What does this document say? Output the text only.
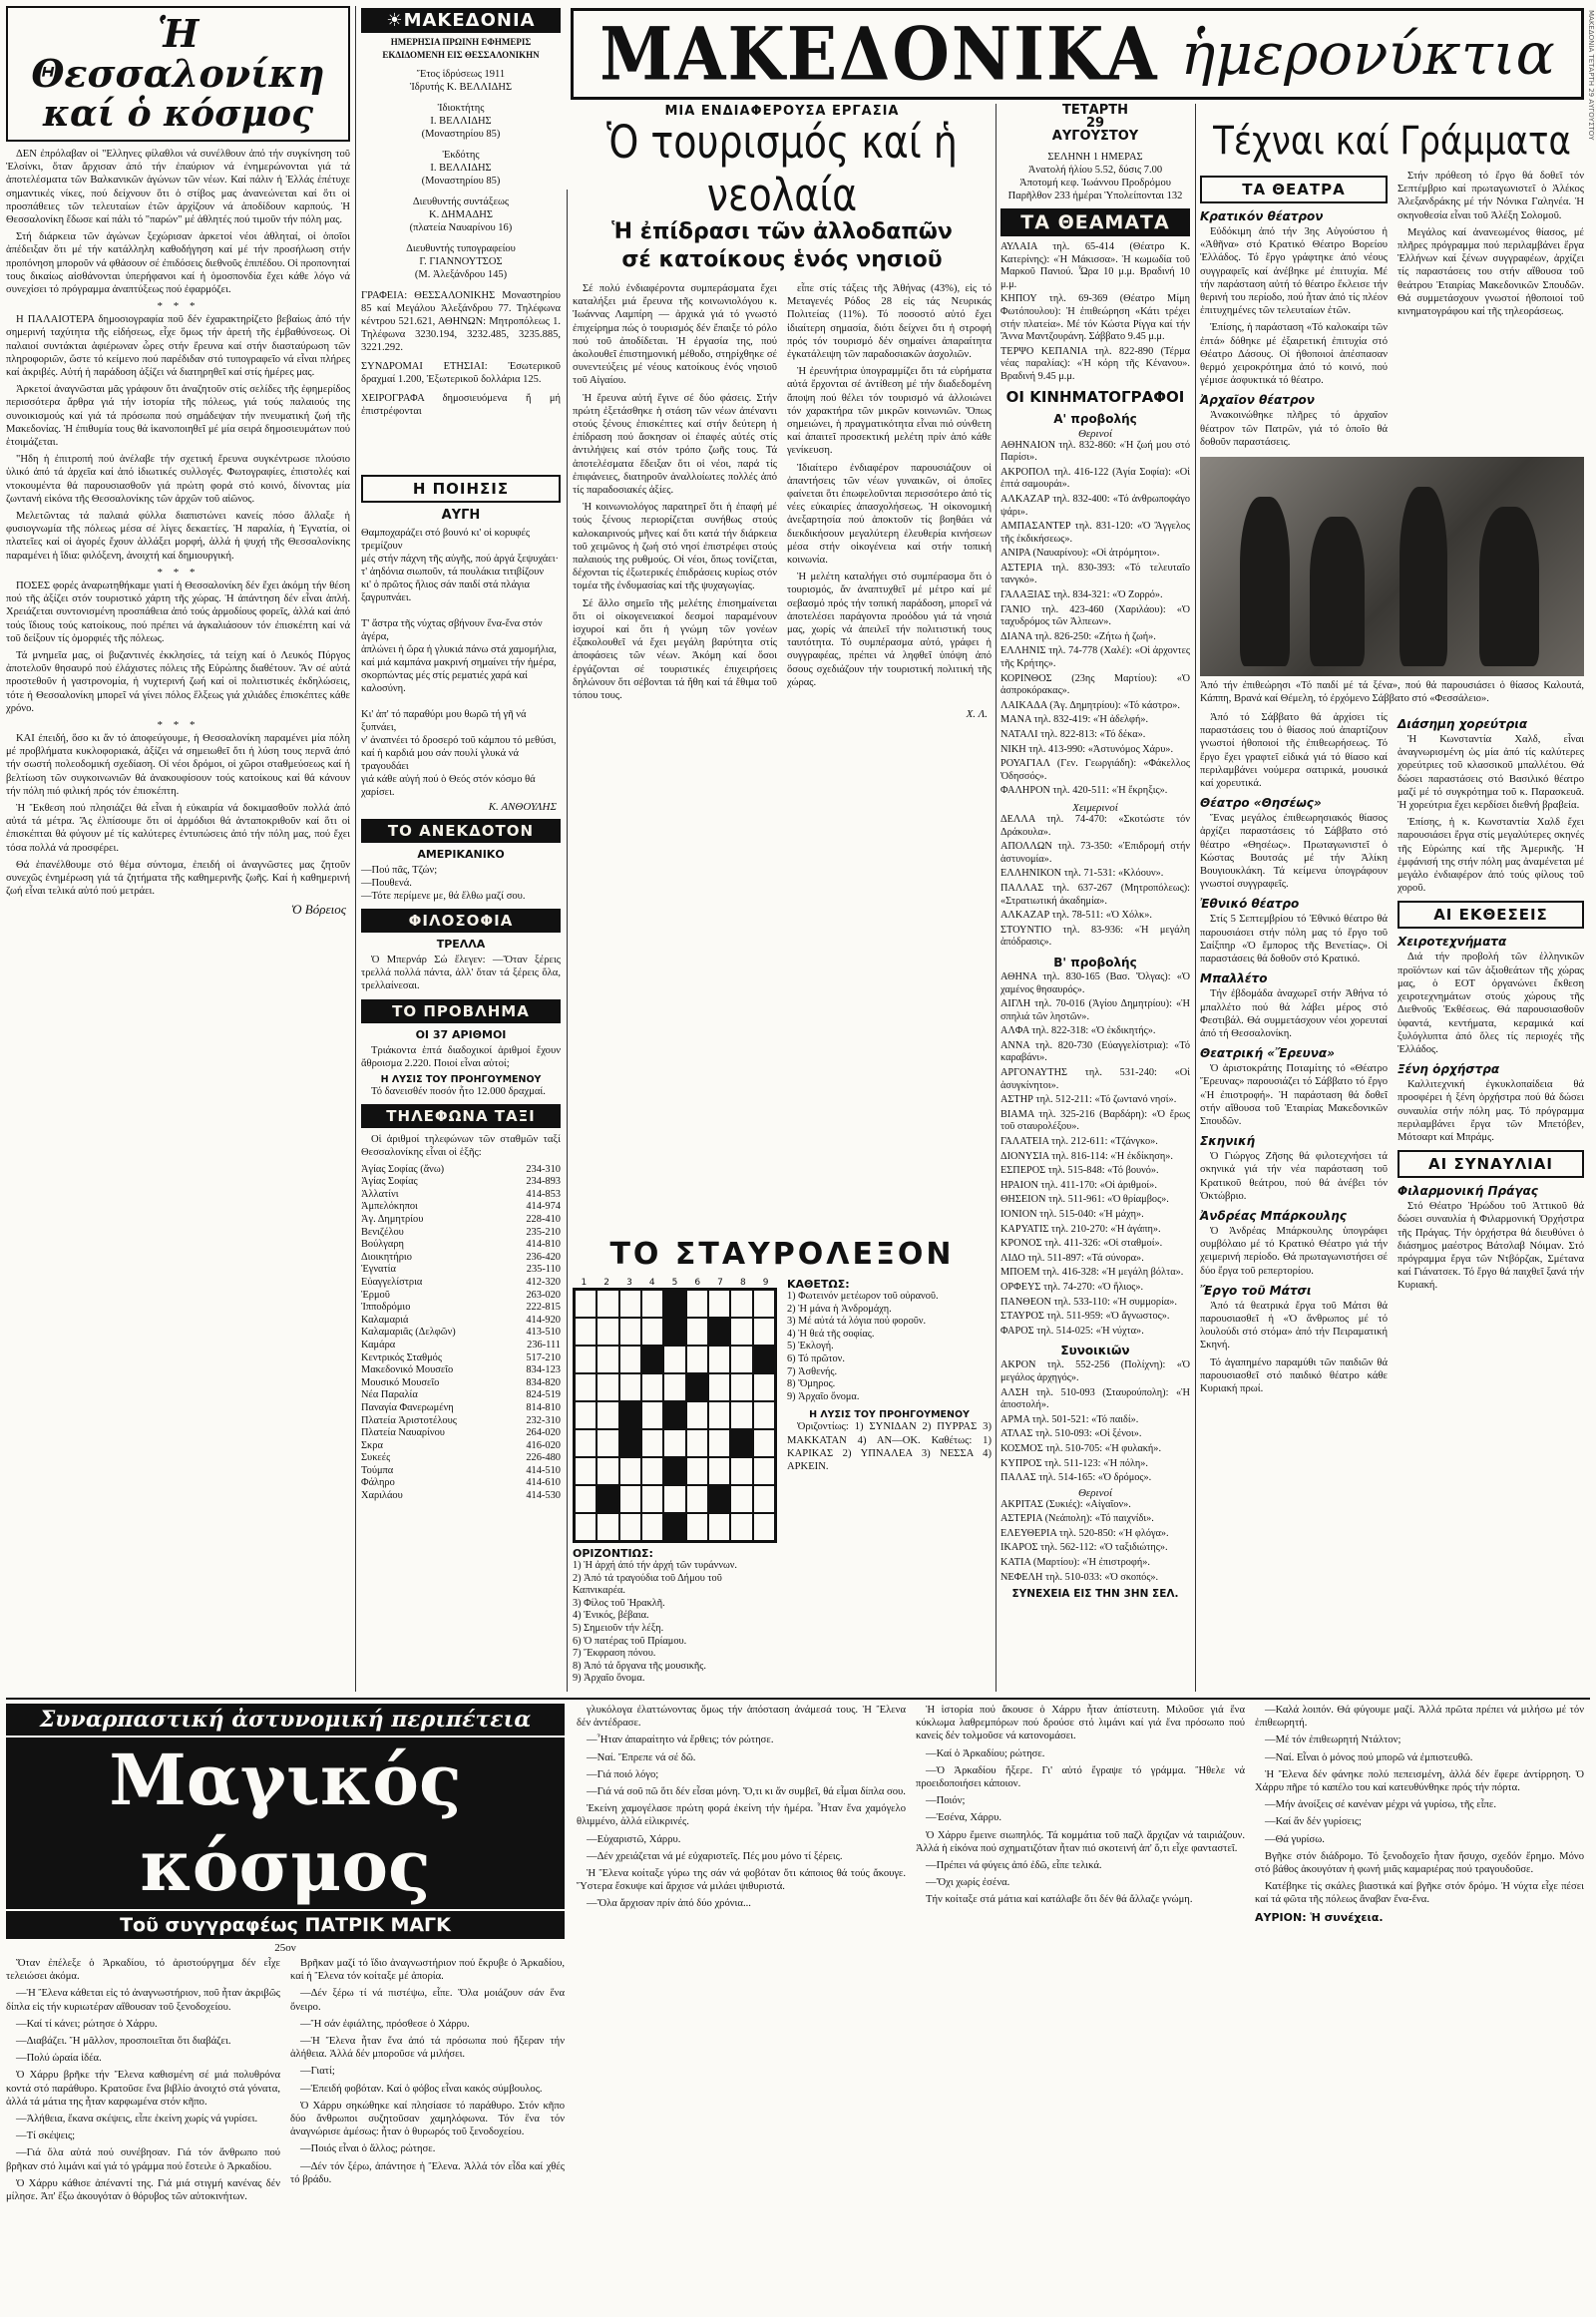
Ἡ Θεσσαλονίκη
καί ὁ κόσμος

ΔΕΝ ἐπρόλαβαν οἱ "Ελληνες φίλαθλοι νά συνέλθουν ἀπό τήν συγκίνηση τοῦ Ἑλσίνκι, ὅταν ἄρχισαν ἀπό τήν ἐπαύριον νά ἐνημερώνονται γιά τά ἀποτελέσματα τῶν Βαλκανικῶν ἀγώνων τῶν νέων. Καί πάλιν ἡ Ἑλλάς ἐπέτυχε σημαντικές νίκες, πού δείχνουν ὅτι ὁ στίβος μας ἀνανεώνεται καί ὅτι οἱ προσπάθειες τῶν τελευταίων ἐτῶν ἀρχίζουν νά ἀποδίδουν καρπούς. Ἡ Θεσσαλονίκη ἔδωσε καί πάλι τό "παρών" μέ ἀθλητές πού τιμοῦν τήν πόλη μας.

Στή διάρκεια τῶν ἀγώνων ξεχώρισαν ἀρκετοί νέοι ἀθληταί, οἱ ὁποῖοι ἀπέδειξαν ὅτι μέ τήν κατάλληλη καθοδήγηση καί μέ τήν προσήλωση στήν προπόνηση μποροῦν νά φθάσουν σέ ἐπιδόσεις διεθνοῦς ἐπιπέδου. Οἱ προπονηταί τους δικαίως αἰσθάνονται ὑπερήφανοι καί ἡ ὁμοσπονδία ἔχει κάθε λόγο νά συνεχίσει τό πρόγραμμα ἀναπτύξεως πού ἐφαρμόζει.

* * *

Η ΠΑΛΑΙΟΤΕΡΑ δημοσιογραφία ποῦ δέν ἐχαρακτηρίζετο βεβαίως ἀπό τήν σημερινή ταχύτητα τῆς εἰδήσεως, εἶχε ὅμως τήν ἀρετή τῆς ἐμβαθύνσεως. Οἱ παλαιοί συντάκται ἀφιέρωναν ὧρες στήν ἔρευνα καί στήν διασταύρωση τῶν πληροφοριῶν, ὥστε τό κείμενο πού παρέδιδαν στό τυπογραφεῖο νά εἶναι πλήρες καί ἀκριβές. Αὐτή ἡ παράδοση ἀξίζει νά διατηρηθεῖ καί στίς ἡμέρες μας.

Ἀρκετοί ἀναγνῶσται μᾶς γράφουν ὅτι ἀναζητοῦν στίς σελίδες τῆς ἐφημερίδος περισσότερα ἄρθρα γιά τήν ἱστορία τῆς πόλεως, γιά τούς παλαιούς της συνοικισμούς καί γιά τά πρόσωπα πού σημάδεψαν τήν πνευματική ζωή τῆς Μακεδονίας. Ἡ ἐπιθυμία τους θά ἱκανοποιηθεῖ μέ μία σειρά δημοσιευμάτων πού ἑτοιμάζεται.

"Ηδη ἡ ἐπιτροπή πού ἀνέλαβε τήν σχετική ἔρευνα συγκέντρωσε πλούσιο ὑλικό ἀπό τά ἀρχεῖα καί ἀπό ἰδιωτικές συλλογές. Φωτογραφίες, ἐπιστολές καί ντοκουμέντα θά παρουσιασθοῦν γιά πρώτη φορά στό κοινό, δίνοντας μία ζωντανή εἰκόνα τῆς Θεσσαλονίκης τῶν ἀρχῶν τοῦ αἰῶνος.

Μελετῶντας τά παλαιά φύλλα διαπιστώνει κανείς πόσο ἄλλαξε ἡ φυσιογνωμία τῆς πόλεως μέσα σέ λίγες δεκαετίες. Ἡ παραλία, ἡ Ἐγνατία, οἱ πλατεῖες καί οἱ ἀγορές ἔχουν ἀλλάξει μορφή, ἀλλά ἡ ψυχή τῆς Θεσσαλονίκης παραμένει ἡ ἴδια: φιλόξενη, ἀνοιχτή καί δημιουργική.

* * *

ΠΟΣΕΣ φορές ἀναρωτηθήκαμε γιατί ἡ Θεσσαλονίκη δέν ἔχει ἀκόμη τήν θέση πού τῆς ἀξίζει στόν τουριστικό χάρτη τῆς χώρας. Ἡ ἀπάντηση δέν εἶναι ἁπλή. Χρειάζεται συντονισμένη προσπάθεια ἀπό τούς ἁρμοδίους φορεῖς, ἀλλά καί ἀπό τούς ἴδιους τούς κατοίκους, πού πρέπει νά ἀγκαλιάσουν τόν ἐπισκέπτη καί νά τοῦ δείξουν τίς ὀμορφιές τῆς πόλεως.

Τά μνημεῖα μας, οἱ βυζαντινές ἐκκλησίες, τά τείχη καί ὁ Λευκός Πύργος ἀποτελοῦν θησαυρό πού ἐλάχιστες πόλεις τῆς Εὐρώπης διαθέτουν. Ἄν σέ αὐτά προστεθοῦν ἡ γαστρονομία, ἡ νυχτερινή ζωή καί οἱ πολιτιστικές ἐκδηλώσεις, τότε ἡ Θεσσαλονίκη μπορεῖ νά γίνει πόλος ἕλξεως γιά χιλιάδες ἐπισκέπτες κάθε χρόνο.

* * *

ΚΑΙ ἐπειδή, ὅσο κι ἄν τό ἀποφεύγουμε, ἡ Θεσσαλονίκη παραμένει μία πόλη μέ προβλήματα κυκλοφοριακά, ἀξίζει νά σημειωθεῖ ὅτι ἡ λύση τους περνᾶ ἀπό τήν σωστή πολεοδομική σχεδίαση. Οἱ νέοι δρόμοι, οἱ χῶροι σταθμεύσεως καί ἡ βελτίωση τῶν συγκοινωνιῶν θά ἀνακουφίσουν τούς κατοίκους καί θά κάνουν τήν πόλη πιό φιλική πρός τόν ἐπισκέπτη.

Ἡ Ἔκθεση πού πλησιάζει θά εἶναι ἡ εὐκαιρία νά δοκιμασθοῦν πολλά ἀπό αὐτά τά μέτρα. Ἄς ἐλπίσουμε ὅτι οἱ ἁρμόδιοι θά ἀνταποκριθοῦν καί ὅτι οἱ ἐπισκέπται θά φύγουν μέ τίς καλύτερες ἐντυπώσεις ἀπό τήν πόλη μας, πού ἔχει τόσα πολλά νά προσφέρει.

Θά ἐπανέλθουμε στό θέμα σύντομα, ἐπειδή οἱ ἀναγνῶστες μας ζητοῦν συνεχῶς ἐνημέρωση γιά τά ζητήματα τῆς καθημερινῆς ζωῆς. Καί ἡ καθημερινή ζωή εἶναι τελικά αὐτό πού μετράει.

Ὁ Βόρειος
☀ΜΑΚΕΔΟΝΙΑ
ΗΜΕΡΗΣΙΑ ΠΡΩΙΝΗ ΕΦΗΜΕΡΙΣ ΕΚΔΙΔΟΜΕΝΗ ΕΙΣ ΘΕΣΣΑΛΟΝΙΚΗΝ
Ἔτος ἱδρύσεως 1911
Ἱδρυτής Κ. ΒΕΛΛΙΔΗΣ
Ἰδιοκτήτης
Ι. ΒΕΛΛΙΔΗΣ
(Μοναστηρίου 85)
Ἐκδότης
Ι. ΒΕΛΛΙΔΗΣ
(Μοναστηρίου 85)
Διευθυντής συντάξεως
Κ. ΔΗΜΑΔΗΣ
(πλατεία Ναυαρίνου 16)
Διευθυντής τυπογραφείου
Γ. ΓΙΑΝΝΟΥΤΣΟΣ
(Μ. Ἀλεξάνδρου 145)
ΓΡΑΦΕΙΑ: ΘΕΣΣΑΛΟΝΙΚΗΣ Μοναστηρίου 85 καί Μεγάλου Ἀλεξάνδρου 77. Τηλέφωνα κέντρου 521.621, ΑΘΗΝΩΝ: Μητροπόλεως 1. Τηλέφωνα 3230.194, 3232.485, 3235.885, 3221.292.
ΣΥΝΔΡΟΜΑΙ ΕΤΗΣΙΑΙ: Ἐσωτερικοῦ δραχμαί 1.200, Ἐξωτερικοῦ δολλάρια 125.
ΧΕΙΡΟΓΡΑΦΑ δημοσιευόμενα ἤ μή ἐπιστρέφονται
Η ΠΟΙΗΣΙΣ
ΑΥΓΗ
Θαμποχαράζει στό βουνό κι' οἱ κορυφές τρεμίζουν
μές στήν πάχνη τῆς αὐγῆς, πού ἀργά ξεψυχάει·
τ' ἀηδόνια σιωποῦν, τά πουλάκια τιτιβίζουν
κι' ὁ πρῶτος ἥλιος σάν παιδί στά πλάγια ξαγρυπνάει.

Τ' ἄστρα τῆς νύχτας σβήνουν ἕνα-ἕνα στόν ἀγέρα,
ἁπλώνει ἡ ὥρα ἡ γλυκιά πάνω στά χαμομήλια,
καί μιά καμπάνα μακρινή σημαίνει τήν ἡμέρα,
σκορπώντας μές στίς ρεματιές χαρά καί καλοσύνη.

Κι' ἀπ' τό παραθύρι μου θωρῶ τή γῆ νά ξυπνάει,
ν' ἀναπνέει τό δροσερό τοῦ κάμπου τό μεθύσι,
καί ἡ καρδιά μου σάν πουλί γλυκά νά τραγουδάει
γιά κάθε αὐγή πού ὁ Θεός στόν κόσμο θά χαρίσει.
Κ. ΑΝΘΟΥΛΗΣ
ΤΟ ΑΝΕΚΔΟΤΟΝ
ΑΜΕΡΙΚΑΝΙΚΟ
—Πού πᾶς, Τζών;
—Πουθενά.
—Τότε περίμενε με, θά ἔλθω μαζί σου.
ΦΙΛΟΣΟΦΙΑ
ΤΡΕΛΛΑ

Ὁ Μπερνάρ Σώ ἔλεγεν: —Ὅταν ξέρεις τρελλά πολλά πάντα, ἀλλ' ὅταν τά ξέρεις ὅλα, τρελλαίνεσαι.

ΤΟ ΠΡΟΒΛΗΜΑ
ΟΙ 37 ΑΡΙΘΜΟΙ

Τριάκοντα ἑπτά διαδοχικοί ἀριθμοί ἔχουν ἄθροισμα 2.220. Ποιοί εἶναι αὐτοί;

Η ΛΥΣΙΣ ΤΟΥ ΠΡΟΗΓΟΥΜΕΝΟΥ

Τό δανεισθέν ποσόν ἦτο 12.000 δραχμαί.

ΤΗΛΕΦΩΝΑ ΤΑΞΙ

Οἱ ἀριθμοί τηλεφώνων τῶν σταθμῶν ταξί Θεσσαλονίκης εἶναι οἱ ἑξῆς:

Ἁγίας Σοφίας (ἄνω)	234-310
Ἁγίας Σοφίας	234-893
Ἀλλατίνι	414-853
Ἀμπελόκηποι	414-974
Ἁγ. Δημητρίου	228-410
Βενιζέλου	235-210
Βούλγαρη	414-810
Διοικητήριο	236-420
Ἐγνατία	235-110
Εὐαγγελίστρια	412-320
Ἑρμοῦ	263-020
Ἰπποδρόμιο	222-815
Καλαμαριά	414-920
Καλαμαριᾶς (Δελφῶν)	413-510
Καμάρα	236-111
Κεντρικός Σταθμός	517-210
Μακεδονικό Μουσεῖο	834-123
Μουσικό Μουσεῖο	834-820
Νέα Παραλία	824-519
Παναγία Φανερωμένη	814-810
Πλατεία Ἀριστοτέλους	232-310
Πλατεία Ναυαρίνου	264-020
Σκρα	416-020
Συκεές	226-480
Τούμπα	414-510
Φάληρο	414-610
Χαριλάου	414-530
ΜΑΚΕΔΟΝΙΚΑ ἡμερονύκτια
ΜΙΑ ΕΝΔΙΑΦΕΡΟΥΣΑ ΕΡΓΑΣΙΑ
Ὁ τουρισμός καί ἡ νεολαία
Ἡ ἐπίδρασι τῶν ἀλλοδαπῶν
σέ κατοίκους ἑνός νησιοῦ

Σέ πολύ ἐνδιαφέροντα συμπεράσματα ἔχει καταλήξει μιά ἔρευνα τῆς κοινωνιολόγου κ. Ἰωάννας Λαμπίρη — ἀρχικά γιά τό γνωστό ἐπιχείρημα πώς ὁ τουρισμός δέν ἔπαιξε τό ρόλο πού τοῦ ἀποδίδεται. Ἡ ἐργασία της, πού ἀκολουθεῖ ἐπιστημονική μέθοδο, στηρίχθηκε σέ συνεντεύξεις μέ νέους κατοίκους ἑνός νησιοῦ τοῦ Αἰγαίου.

Ἡ ἔρευνα αὐτή ἔγινε σέ δύο φάσεις. Στήν πρώτη ἐξετάσθηκε ἡ στάση τῶν νέων ἀπέναντι στούς ξένους ἐπισκέπτες καί στήν δεύτερη ἡ ἐπίδραση πού ἄσκησαν οἱ ἐπαφές αὐτές στίς ἀντιλήψεις καί στόν τρόπο ζωῆς τους. Τά ἀποτελέσματα ἔδειξαν ὅτι οἱ νέοι, παρά τίς ἐπιφάνειες, διατηροῦν ἀναλλοίωτες πολλές ἀπό τίς παραδοσιακές ἀξίες.

Ἡ κοινωνιολόγος παρατηρεῖ ὅτι ἡ ἐπαφή μέ τούς ξένους περιορίζεται συνήθως στούς καλοκαιρινούς μῆνες καί ὅτι κατά τήν διάρκεια τοῦ χειμῶνος ἡ ζωή στό νησί ἐπιστρέφει στούς παλαιούς της ρυθμούς. Οἱ νέοι, ὅπως τονίζεται, δέχονται τίς ἐξωτερικές ἐπιδράσεις κυρίως στόν τομέα τῆς ἐνδυμασίας καί τῆς ψυχαγωγίας.

Σέ ἄλλο σημεῖο τῆς μελέτης ἐπισημαίνεται ὅτι οἱ οἰκογενειακοί δεσμοί παραμένουν ἰσχυροί καί ὅτι ἡ γνώμη τῶν γονέων ἐξακολουθεῖ νά ἔχει μεγάλη βαρύτητα στίς ἀποφάσεις τῶν νέων. Ἀκόμη καί ὅσοι ἐργάζονται σέ τουριστικές ἐπιχειρήσεις δηλώνουν ὅτι σέβονται τά ἤθη καί τά ἔθιμα τοῦ τόπου τους.

εἶπε στίς τάξεις τῆς Ἀθήνας (43%), εἰς τό Μεταγενές Ρόδος 28 εἰς τάς Νευρικάς Πολιτείας (11%). Τό ποσοστό αὐτό ἔχει ἰδιαίτερη σημασία, διότι δείχνει ὅτι ἡ στροφή πρός τόν τουρισμό δέν σημαίνει ἀπαραίτητα ἐγκατάλειψη τῶν παραδοσιακῶν ἀσχολιῶν.

Ἡ ἐρευνήτρια ὑπογραμμίζει ὅτι τά εὑρήματα αὐτά ἔρχονται σέ ἀντίθεση μέ τήν διαδεδομένη ἄποψη πού θέλει τόν τουρισμό νά ἀλλοιώνει τόν χαρακτήρα τῶν μικρῶν κοινωνιῶν. Ὅπως σημειώνει, ἡ πραγματικότητα εἶναι πιό σύνθετη καί ἀπαιτεῖ προσεκτική μελέτη πρίν ἀπό κάθε γενίκευση.

Ἰδιαίτερο ἐνδιαφέρον παρουσιάζουν οἱ ἀπαντήσεις τῶν νέων γυναικῶν, οἱ ὁποῖες φαίνεται ὅτι ἐπωφελοῦνται περισσότερο ἀπό τίς νέες εὐκαιρίες ἀπασχολήσεως. Ἡ οἰκονομική ἀνεξαρτησία πού ἀποκτοῦν τίς βοηθάει νά διεκδικήσουν μεγαλύτερη ἐλευθερία κινήσεων μέσα στήν οἰκογένεια καί στήν τοπική κοινωνία.

Ἡ μελέτη καταλήγει στό συμπέρασμα ὅτι ὁ τουρισμός, ἄν ἀναπτυχθεῖ μέ μέτρο καί μέ σεβασμό πρός τήν τοπική παράδοση, μπορεῖ νά ἀποτελέσει παράγοντα προόδου γιά τά νησιά μας, χωρίς νά ἀπειλεῖ τήν πολιτιστική τους ταυτότητα. Τό συμπέρασμα αὐτό, γράφει ἡ συγγραφέας, πρέπει νά ληφθεῖ ὑπόψη ἀπό ὅσους σχεδιάζουν τήν τουριστική πολιτική τῆς χώρας.

Χ. Λ.
ΤΟ ΣΤΑΥΡΟΛΕΞΟΝ
1	2	3	4	5	6	7	8	9
ΟΡΙΖΟΝΤΙΩΣ:
1) Ἡ ἀρχή ἀπό τήν ἀρχή τῶν τυράννων.
2) Ἀπό τά τραγούδια τοῦ Δήμου τοῦ Καπνικαρέα.
3) Φίλος τοῦ Ἡρακλῆ.
4) Ἐνικός, βέβαια.
5) Σημειοῦν τήν λέξη.
6) Ὁ πατέρας τοῦ Πρίαμου.
7) Ἔκφραση πόνου.
8) Ἀπό τά ὄργανα τῆς μουσικῆς.
9) Ἀρχαῖο ὄνομα.
ΚΑΘΕΤΩΣ:
1) Φωτεινόν μετέωρον τοῦ οὐρανοῦ.
2) Ἡ μάνα ἡ Ἀνδρομάχη.
3) Μέ αὐτά τά λόγια πού φοροῦν.
4) Ἡ θεά τῆς σοφίας.
5) Ἐκλογή.
6) Τό πρῶτον.
7) Ἀσθενής.
8) Ὅμηρος.
9) Ἀρχαῖο ὄνομα.
Η ΛΥΣΙΣ ΤΟΥ ΠΡΟΗΓΟΥΜΕΝΟΥ

Ὁριζοντίως: 1) ΣΥΝΙΔΑΝ 2) ΠΥΡΡΑΣ 3) ΜΑΚΚΑΤΑΝ 4) ΑΝ—ΟΚ. Καθέτως: 1) ΚΑΡΙΚΑΣ 2) ΥΠΝΑΛΕΑ 3) ΝΕΣΣΑ 4) ΑΡΚΕΙΝ.

ΤΕΤΑΡΤΗ
29
ΑΥΓΟΥΣΤΟΥ
ΣΕΛΗΝΗ 1 ΗΜΕΡΑΣ
Ἀνατολή ἡλίου 5.52, δύσις 7.00
Ἀποτομή κεφ. Ἰωάννου Προδρόμου
Παρῆλθον 233 ἡμέραι Ὑπολείπονται 132
ΤΑ ΘΕΑΜΑΤΑ
ΑΥΛΑΙΑ τηλ. 65-414 (Θέατρο Κ. Κατερίνης): «Ἡ Μάκισσα». Ἡ κωμωδία τοῦ Μαρκοῦ Πανιού. Ὧρα 10 μ.μ. Βραδινή 10 μ.μ.
ΚΗΠΟΥ τηλ. 69-369 (Θέατρο Μίμη Φωτόπουλου): Ἡ ἐπιθεώρηση «Κάτι τρέχει στήν πλατεία». Μέ τόν Κώστα Ρίγγα καί τήν Ἄννα Μαντζουράνη. Σάββατο 9.45 μ.μ.
ΤΕΡΨΟ ΚΕΠΑΝΙΑ τηλ. 822-890 (Τέρμα νέας παραλίας): «Ἡ κόρη τῆς Κένανου». Βραδινή 9.45 μ.μ.
ΟΙ ΚΙΝΗΜΑΤΟΓΡΑΦΟΙ
Α' προβολής
Θερινοί
ΑΘΗΝΑΙΟΝ τηλ. 832-860: «Ἡ ζωή μου στό Παρίσι».
ΑΚΡΟΠΟΛ τηλ. 416-122 (Ἀγία Σοφία): «Οἱ ἐπτά σαμουράι».
ΑΛΚΑΖΑΡ τηλ. 832-400: «Τό ἀνθρωποφάγο ψάρι».
ΑΜΠΑΣΑΝΤΕΡ τηλ. 831-120: «Ὁ Ἄγγελος τῆς ἐκδικήσεως».
ΑΝΙΡΑ (Ναυαρίνου): «Οἱ ἀτρόμητοι».
ΑΣΤΕΡΙΑ τηλ. 830-393: «Τό τελευταῖο τανγκό».
ΓΑΛΑΞΙΑΣ τηλ. 834-321: «Ὁ Ζορρό».
ΓΑΝΙΟ τηλ. 423-460 (Χαριλάου): «Ὁ ταχυδρόμος τῶν Ἀλπεων».
ΔΙΑΝΑ τηλ. 826-250: «Ζήτω ἡ ζωή».
ΕΛΛΗΝΙΣ τηλ. 74-778 (Χαλέ): «Οἱ ἀρχοντες τῆς Κρήτης».
ΚΟΡΙΝΘΟΣ (23ης Μαρτίου): «Ὁ ἀσπροκόρακας».
ΛΑΙΚΑΔΑ (Ἁγ. Δημητρίου): «Τό κάστρο».
ΜΑΝΑ τηλ. 832-419: «Ἡ ἀδελφή».
ΝΑΤΑΛΙ τηλ. 822-813: «Τό δέκα».
ΝΙΚΗ τηλ. 413-990: «Ἀστυνόμος Χάρυ».
ΡΟΥΑΓΙΑΛ (Γεν. Γεωργιάδη): «Φάκελλος Ὀδησσός».
ΦΑΛΗΡΟΝ τηλ. 420-511: «Ἡ ἔκρηξις».
Χειμερινοί
ΔΕΛΛΑ τηλ. 74-470: «Σκοτώστε τόν Δράκουλα».
ΑΠΟΛΛΩΝ τηλ. 73-350: «Ἐπιδρομή στήν ἀστυνομία».
ΕΛΛΗΝΙΚΟΝ τηλ. 71-531: «Κλόουν».
ΠΑΛΛΑΣ τηλ. 637-267 (Μητροπόλεως): «Στρατιωτική ἀκαδημία».
ΑΛΚΑΖΑΡ τηλ. 78-511: «Ὁ Χόλκ».
ΣΤΟΥΝΤΙΟ τηλ. 83-936: «Ἡ μεγάλη ἀπόδρασις».
Β' προβολής
ΑΘΗΝΑ τηλ. 830-165 (Βασ. Ὄλγας): «Ὁ χαμένος θησαυρός».
ΑΙΓΛΗ τηλ. 70-016 (Ἁγίου Δημητρίου): «Ἡ σπηλιά τῶν ληστῶν».
ΑΛΦΑ τηλ. 822-318: «Ὁ ἐκδικητής».
ΑΝΝΑ τηλ. 820-730 (Εὐαγγελίστρια): «Τό καραβάνι».
ΑΡΓΟΝΑΥΤΗΣ τηλ. 531-240: «Οἱ ἀσυγκίνητοι».
ΑΣΤΗΡ τηλ. 512-211: «Τό ζωντανό νησί».
ΒΙΑΜΑ τηλ. 325-216 (Βαρδάρη): «Ὁ ἔρως τοῦ σταυρολέξου».
ΓΑΛΑΤΕΙΑ τηλ. 212-611: «Τζάνγκο».
ΔΙΟΝΥΣΙΑ τηλ. 816-114: «Ἡ ἐκδίκηση».
ΕΣΠΕΡΟΣ τηλ. 515-848: «Τό βουνό».
ΗΡΑΙΟΝ τηλ. 411-170: «Οἱ ἀριθμοί».
ΘΗΣΕΙΟΝ τηλ. 511-961: «Ὁ θρίαμβος».
ΙΟΝΙΟΝ τηλ. 515-040: «Ἡ μάχη».
ΚΑΡΥΑΤΙΣ τηλ. 210-270: «Ἡ ἀγάπη».
ΚΡΟΝΟΣ τηλ. 411-326: «Οἱ σταθμοί».
ΛΙΔΟ τηλ. 511-897: «Τά σύνορα».
ΜΠΟΕΜ τηλ. 416-328: «Ἡ μεγάλη βόλτα».
ΟΡΦΕΥΣ τηλ. 74-270: «Ὁ ἥλιος».
ΠΑΝΘΕΟΝ τηλ. 533-110: «Ἡ συμμορία».
ΣΤΑΥΡΟΣ τηλ. 511-959: «Ὁ ἄγνωστος».
ΦΑΡΟΣ τηλ. 514-025: «Ἡ νύχτα».
Συνοικιῶν
ΑΚΡΟΝ τηλ. 552-256 (Πολίχνη): «Ὁ μεγάλος ἀρχηγός».
ΑΛΣΗ τηλ. 510-093 (Σταυρούπολη): «Ἡ ἀποστολή».
ΑΡΜΑ τηλ. 501-521: «Τό παιδί».
ΑΤΛΑΣ τηλ. 510-093: «Οἱ ξένοι».
ΚΟΣΜΟΣ τηλ. 510-705: «Ἡ φυλακή».
ΚΥΠΡΟΣ τηλ. 511-123: «Ἡ πόλη».
ΠΑΛΑΣ τηλ. 514-165: «Ὁ δρόμος».
Θερινοί
ΑΚΡΙΤΑΣ (Συκιές): «Αἰγαῖον».
ΑΣΤΕΡΙΑ (Νεάπολη): «Τό παιχνίδι».
ΕΛΕΥΘΕΡΙΑ τηλ. 520-850: «Ἡ φλόγα».
ΙΚΑΡΟΣ τηλ. 562-112: «Ὁ ταξιδιώτης».
ΚΑΤΙΑ (Μαρτίου): «Ἡ ἐπιστροφή».
ΝΕΦΕΛΗ τηλ. 510-033: «Ὁ σκοπός».
ΣΥΝΕΧΕΙΑ ΕΙΣ ΤΗΝ 3ΗΝ ΣΕΛ.
Τέχναι καί Γράμματα
ΤΑ ΘΕΑΤΡΑ
Κρατικόν θέατρον

Εὐδόκιμη ἀπό τήν 3ης Αὐγούστου ἡ «Ἀθῆνα» στό Κρατικό Θέατρο Βορείου Ἑλλάδος. Τό ἔργο γράφτηκε ἀπό νέους συγγραφεῖς καί ἀνέβηκε μέ ἐπιτυχία. Μέ τήν παράσταση αὐτή τό θέατρο ἔκλεισε τήν θερινή του περίοδο, πού ἦταν ἀπό τίς πλέον ἐπιτυχημένες τῶν τελευταίων ἐτῶν.

Ἐπίσης, ἡ παράσταση «Τό καλοκαίρι τῶν ἐπτά» δόθηκε μέ ἐξαιρετική ἐπιτυχία στό Θέατρο Δάσους. Οἱ ἠθοποιοί ἀπέσπασαν θερμό χειροκρότημα ἀπό τό κοινό, πού γέμισε ἀσφυκτικά τό θέατρο.

Ἀρχαῖον θέατρον

Ἀνακοινώθηκε πλῆρες τό ἀρχαῖον θέατρον τῶν Πατρῶν, γιά τό ὁποῖο θά δοθοῦν παραστάσεις.

Στήν πρόθεση τό ἔργο θά δοθεῖ τόν Σεπτέμβριο καί πρωταγωνιστεῖ ὁ Ἀλέκος Ἀλεξανδράκης μέ τήν Νόνικα Γαληνέα. Ἡ σκηνοθεσία εἶναι τοῦ Ἀλέξη Σολομοῦ.

Μεγάλος καί ἀνανεωμένος θίασος, μέ πλῆρες πρόγραμμα πού περιλαμβάνει ἔργα Ἑλλήνων καί ξένων συγγραφέων, ἀρχίζει τίς παραστάσεις του στήν αἴθουσα τοῦ θεάτρου Ἑταιρίας Μακεδονικῶν Σπουδῶν. Θά συμμετάσχουν γνωστοί ἠθοποιοί τοῦ κινηματογράφου καί τῆς τηλεοράσεως.

Ἀπό τήν ἐπιθεώρησι «Τό παιδί μέ τά ξένα», πού θά παρουσιάσει ὁ θίασος Καλουτά, Κάππη, Βρανά καί Θέμελη, τό ἐρχόμενο Σάββατο στό «Φεσσάλειο».

Ἀπό τό Σάββατο θά ἀρχίσει τίς παραστάσεις του ὁ θίασος πού ἀπαρτίζουν γνωστοί ἠθοποιοί τῆς ἐπιθεωρήσεως. Τό ἔργο ἔχει γραφτεῖ εἰδικά γιά τό θίασο καί περιλαμβάνει νούμερα σατιρικά, μουσικά καί χορευτικά.

Θέατρο «Θησέως»

Ἕνας μεγάλος ἐπιθεωρησιακός θίασος ἀρχίζει παραστάσεις τό Σάββατο στό θέατρο «Θησέως». Πρωταγωνιστεῖ ὁ Κώστας Βουτσάς μέ τήν Ἀλίκη Βουγιουκλάκη. Τά κείμενα ὑπογράφουν γνωστοί συγγραφεῖς.

Ἐθνικό θέατρο

Στίς 5 Σεπτεμβρίου τό Ἐθνικό θέατρο θά παρουσιάσει στήν πόλη μας τό ἔργο τοῦ Σαίξπηρ «Ὁ ἔμπορος τῆς Βενετίας». Οἱ παραστάσεις θά δοθοῦν στό Κρατικό.

Μπαλλέτο

Τήν ἐβδομάδα ἀναχωρεῖ στήν Ἀθήνα τό μπαλλέτο πού θά λάβει μέρος στό Φεστιβάλ. Θά συμμετάσχουν νέοι χορευταί ἀπό τή Θεσσαλονίκη.

Θεατρική «Ἔρευνα»

Ὁ ἀριστοκράτης Ποταμίτης τό «Θέατρο Ἔρευνας» παρουσιάζει τό Σάββατο τό ἔργο «Ἡ ἐπιστροφή». Ἡ παράσταση θά δοθεῖ στήν αἴθουσα τοῦ Ἑταιρίας Μακεδονικῶν Σπουδῶν.

Σκηνική

Ὁ Γιώργος Ζῆσης θά φιλοτεχνήσει τά σκηνικά γιά τήν νέα παράσταση τοῦ Κρατικοῦ θεάτρου, πού θά ἀνέβει τόν Ὀκτώβριο.

Ἀνδρέας Μπάρκουλης

Ὁ Ἀνδρέας Μπάρκουλης ὑπογράφει συμβόλαιο μέ τό Κρατικό Θέατρο γιά τήν χειμερινή περίοδο. Θά πρωταγωνιστήσει σέ δύο ἔργα τοῦ ρεπερτορίου.

Ἔργο τοῦ Μάτσι

Ἀπό τά θεατρικά ἔργα τοῦ Μάτσι θά παρουσιασθεῖ ἡ «Ὁ ἄνθρωπος μέ τό λουλούδι στό στόμα» ἀπό τήν Πειραματική Σκηνή.

Τό ἀγαπημένο παραμύθι τῶν παιδιῶν θά παρουσιασθεῖ στό παιδικό θέατρο κάθε Κυριακή πρωί.

Διάσημη χορεύτρια

Ἡ Κωνσταντία Χαλδ, εἶναι ἀναγνωρισμένη ὡς μία ἀπό τίς καλύτερες χορεύτριες τοῦ κλασσικοῦ μπαλλέτου. Θά δώσει παραστάσεις στό Βασιλικό θέατρο μαζί μέ τό συγκρότημα τοῦ κ. Παρασκευᾶ. Ἡ χορεύτρια ἔχει κερδίσει διεθνή βραβεία.

Ἐπίσης, ἡ κ. Κωνσταντία Χαλδ ἔχει παρουσιάσει ἔργα στίς μεγαλύτερες σκηνές τῆς Εὐρώπης καί τῆς Ἀμερικῆς. Ἡ ἐμφάνισή της στήν πόλη μας ἀναμένεται μέ μεγάλο ἐνδιαφέρον ἀπό τούς φίλους τοῦ χοροῦ.

ΑΙ ΕΚΘΕΣΕΙΣ
Χειροτεχνήματα

Διά τήν προβολή τῶν ἑλληνικῶν προϊόντων καί τῶν ἀξιοθεάτων τῆς χώρας μας, ὁ ΕΟΤ ὀργανώνει ἔκθεση χειροτεχνημάτων στούς χώρους τῆς Διεθνοῦς Ἐκθέσεως. Θά παρουσιασθοῦν ὑφαντά, κεντήματα, κεραμικά καί ξυλόγλυπτα ἀπό ὅλες τίς περιοχές τῆς Ἑλλάδος.

Ξένη ὀρχήστρα

Καλλιτεχνική ἐγκυκλοπαίδεια θά προσφέρει ἡ ξένη ὀρχήστρα πού θά δώσει συναυλία στήν πόλη μας. Τό πρόγραμμα περιλαμβάνει ἔργα τῶν Μπετόβεν, Μότσαρτ καί Μπράμς.

ΑΙ ΣΥΝΑΥΛΙΑΙ
Φιλαρμονική Πράγας

Στό Θέατρο Ἡρώδου τοῦ Ἀττικοῦ θά δώσει συναυλία ἡ Φιλαρμονική Ὀρχήστρα τῆς Πράγας. Τήν ὀρχήστρα θά διευθύνει ὁ διάσημος μαέστρος Βάτσλαβ Νόιμαν. Στό πρόγραμμα ἔργα τῶν Ντβόρζακ, Σμέτανα καί Γιάνατσεκ. Τό ἔργο θά παιχθεῖ ξανά τήν Κυριακή.

ΜΑΚΕΔΟΝΙΑ ΤΕΤΑΡΤΗ 29 ΑΥΓΟΥΣΤΟΥ
Συναρπαστική ἀστυνομική περιπέτεια
Μαγικός κόσμος
Τοῦ συγγραφέως ΠΑΤΡΙΚ ΜΑΓΚ
25ον

Ὅταν ἐπέλεξε ὁ Ἀρκαδίου, τό ἀριστούργημα δέν εἶχε τελειώσει ἀκόμα.

—Ἡ Ἔλενα κάθεται εἰς τό ἀναγνωστήριον, ποῦ ἦταν ἀκριβῶς δίπλα εἰς τήν κυριωτέραν αἴθουσαν τοῦ ξενοδοχείου.

—Καί τί κάνει; ρώτησε ὁ Χάρρυ.

—Διαβάζει. Ἤ μᾶλλον, προσποιεῖται ὅτι διαβάζει.

—Πολύ ὡραία ἰδέα.

Ὁ Χάρρυ βρῆκε τήν Ἔλενα καθισμένη σέ μιά πολυθρόνα κοντά στό παράθυρο. Κρατοῦσε ἕνα βιβλίο ἀνοιχτό στά γόνατα, ἀλλά τά μάτια της ἦταν καρφωμένα στόν κῆπο.

—Ἀλήθεια, ἔκανα σκέψεις, εἶπε ἐκείνη χωρίς νά γυρίσει.

—Τί σκέψεις;

—Γιά ὅλα αὐτά πού συνέβησαν. Γιά τόν ἄνθρωπο πού βρῆκαν στό λιμάνι καί γιά τό γράμμα πού ἔστειλε ὁ Ἀρκαδίου.

Ὁ Χάρρυ κάθισε ἀπέναντί της. Γιά μιά στιγμή κανένας δέν μίλησε. Ἀπ' ἔξω ἀκουγόταν ὁ θόρυβος τῶν αὐτοκινήτων.

Βρῆκαν μαζί τό ἴδιο ἀναγνωστήριον πού ἔκρυβε ὁ Ἀρκαδίου, καί ἡ Ἔλενα τόν κοίταξε μέ ἀπορία.

—Δέν ξέρω τί νά πιστέψω, εἶπε. Ὅλα μοιάζουν σάν ἕνα ὄνειρο.

—Ἤ σάν ἐφιάλτης, πρόσθεσε ὁ Χάρρυ.

—Ἡ Ἔλενα ἦταν ἕνα ἀπό τά πρόσωπα πού ἤξεραν τήν ἀλήθεια. Ἀλλά δέν μποροῦσε νά μιλήσει.

—Γιατί;

—Ἐπειδή φοβόταν. Καί ὁ φόβος εἶναι κακός σύμβουλος.

Ὁ Χάρρυ σηκώθηκε καί πλησίασε τό παράθυρο. Στόν κῆπο δύο ἄνθρωποι συζητοῦσαν χαμηλόφωνα. Τόν ἕνα τόν ἀναγνώρισε ἀμέσως: ἦταν ὁ θυρωρός τοῦ ξενοδοχείου.

—Ποιός εἶναι ὁ ἄλλος; ρώτησε.

—Δέν τόν ξέρω, ἀπάντησε ἡ Ἔλενα. Ἀλλά τόν εἶδα καί χθές τό βράδυ.

γλυκόλογα ἐλαττώνοντας ὅμως τήν ἀπόσταση ἀνάμεσά τους. Ἡ Ἔλενα δέν ἀντέδρασε.

—Ἦταν ἀπαραίτητο νά ἔρθεις; τόν ρώτησε.

—Ναί. Ἔπρεπε νά σέ δῶ.

—Γιά ποιό λόγο;

—Γιά νά σοῦ πῶ ὅτι δέν εἶσαι μόνη. Ὅ,τι κι ἄν συμβεῖ, θά εἶμαι δίπλα σου.

Ἐκείνη χαμογέλασε πρώτη φορά ἐκείνη τήν ἡμέρα. Ἦταν ἕνα χαμόγελο θλιμμένο, ἀλλά εἰλικρινές.

—Εὐχαριστῶ, Χάρρυ.

—Δέν χρειάζεται νά μέ εὐχαριστεῖς. Πές μου μόνο τί ξέρεις.

Ἡ Ἔλενα κοίταξε γύρω της σάν νά φοβόταν ὅτι κάποιος θά τούς ἄκουγε. Ὕστερα ἔσκυψε καί ἄρχισε νά μιλάει ψιθυριστά.

—Ὅλα ἄρχισαν πρίν ἀπό δύο χρόνια...

Ἡ ἱστορία πού ἄκουσε ὁ Χάρρυ ἦταν ἀπίστευτη. Μιλοῦσε γιά ἕνα κύκλωμα λαθρεμπόρων πού δρούσε στό λιμάνι καί γιά ἕνα πρόσωπο πού κανείς δέν τολμοῦσε νά κατονομάσει.

—Καί ὁ Ἀρκαδίου; ρώτησε.

—Ὁ Ἀρκαδίου ἤξερε. Γι' αὐτό ἔγραψε τό γράμμα. Ἤθελε νά προειδοποιήσει κάποιον.

—Ποιόν;

—Ἐσένα, Χάρρυ.

Ὁ Χάρρυ ἔμεινε σιωπηλός. Τά κομμάτια τοῦ παζλ ἄρχιζαν νά ταιριάζουν. Ἀλλά ἡ εἰκόνα πού σχηματιζόταν ἦταν πιό σκοτεινή ἀπ' ὅ,τι εἶχε φανταστεῖ.

—Πρέπει νά φύγεις ἀπό ἐδῶ, εἶπε τελικά.

—Ὄχι χωρίς ἐσένα.

Τήν κοίταξε στά μάτια καί κατάλαβε ὅτι δέν θά ἄλλαζε γνώμη.

—Καλά λοιπόν. Θά φύγουμε μαζί. Ἀλλά πρῶτα πρέπει νά μιλήσω μέ τόν ἐπιθεωρητή.

—Μέ τόν ἐπιθεωρητή Ντάλτον;

—Ναί. Εἶναι ὁ μόνος πού μπορῶ νά ἐμπιστευθῶ.

Ἡ Ἔλενα δέν φάνηκε πολύ πεπεισμένη, ἀλλά δέν ἔφερε ἀντίρρηση. Ὁ Χάρρυ πῆρε τό καπέλο του καί κατευθύνθηκε πρός τήν πόρτα.

—Μήν ἀνοίξεις σέ κανέναν μέχρι νά γυρίσω, τῆς εἶπε.

—Καί ἄν δέν γυρίσεις;

—Θά γυρίσω.

Βγῆκε στόν διάδρομο. Τό ξενοδοχεῖο ἦταν ἥσυχο, σχεδόν ἔρημο. Μόνο στό βάθος ἀκουγόταν ἡ φωνή μιᾶς καμαριέρας πού τραγουδοῦσε.

Κατέβηκε τίς σκάλες βιαστικά καί βγῆκε στόν δρόμο. Ἡ νύχτα εἶχε πέσει καί τά φῶτα τῆς πόλεως ἄναβαν ἕνα-ἕνα.

ΑΥΡΙΟΝ: Ἡ συνέχεια.
